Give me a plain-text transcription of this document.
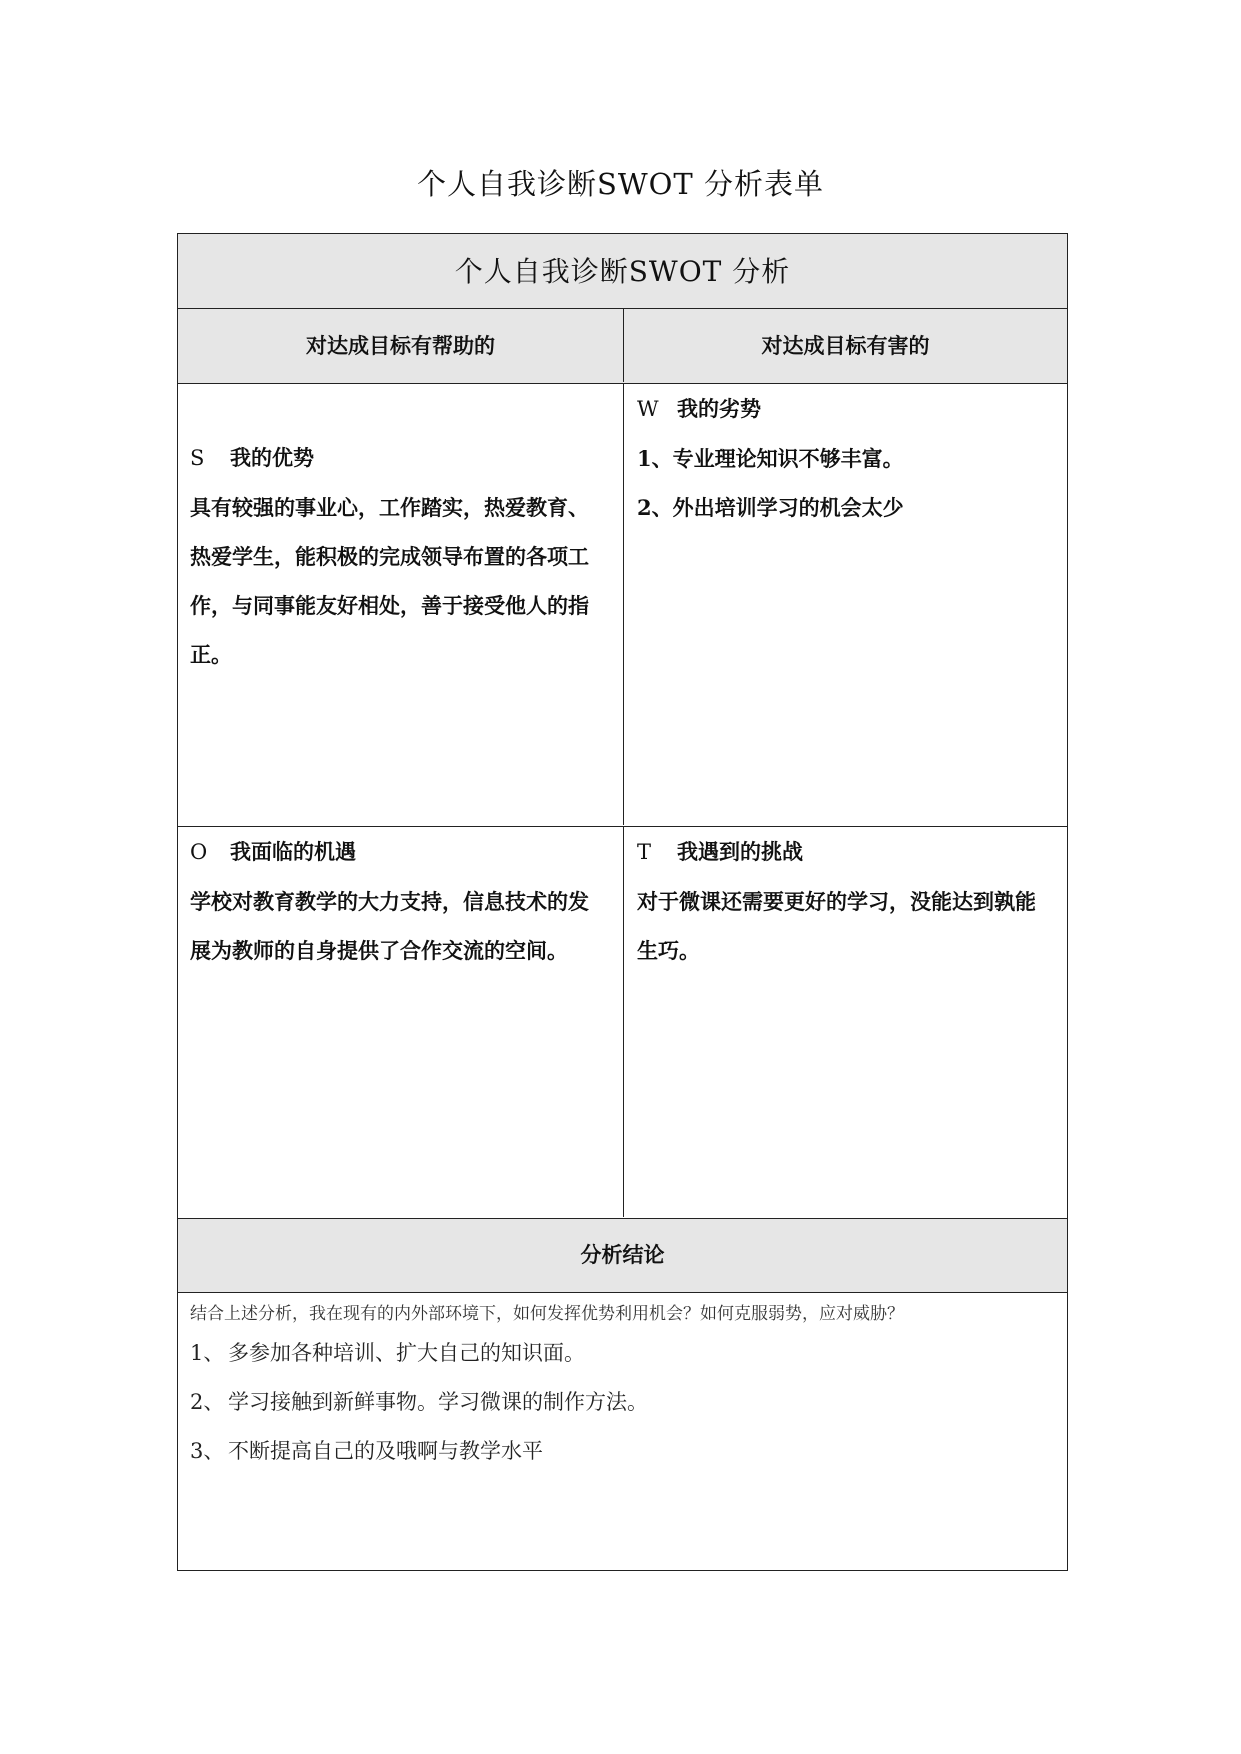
个人自我诊断SWOT 分析表单
个人自我诊断SWOT 分析
对达成目标有帮助的	对达成目标有害的
S 我的优势
具有较强的事业心，工作踏实，热爱教育、
热爱学生，能积极的完成领导布置的各项工
作，与同事能友好相处，善于接受他人的指
正。
W 我的劣势
1、专业理论知识不够丰富。
2、外出培训学习的机会太少
O 我面临的机遇
学校对教育教学的大力支持，信息技术的发
展为教师的自身提供了合作交流的空间。
T 我遇到的挑战
对于微课还需要更好的学习，没能达到孰能
生巧。
分析结论
结合上述分析，我在现有的内外部环境下，如何发挥优势利用机会？如何克服弱势，应对威胁？
1、 多参加各种培训、扩大自己的知识面。
2、 学习接触到新鲜事物。学习微课的制作方法。
3、 不断提高自己的及哦啊与教学水平
